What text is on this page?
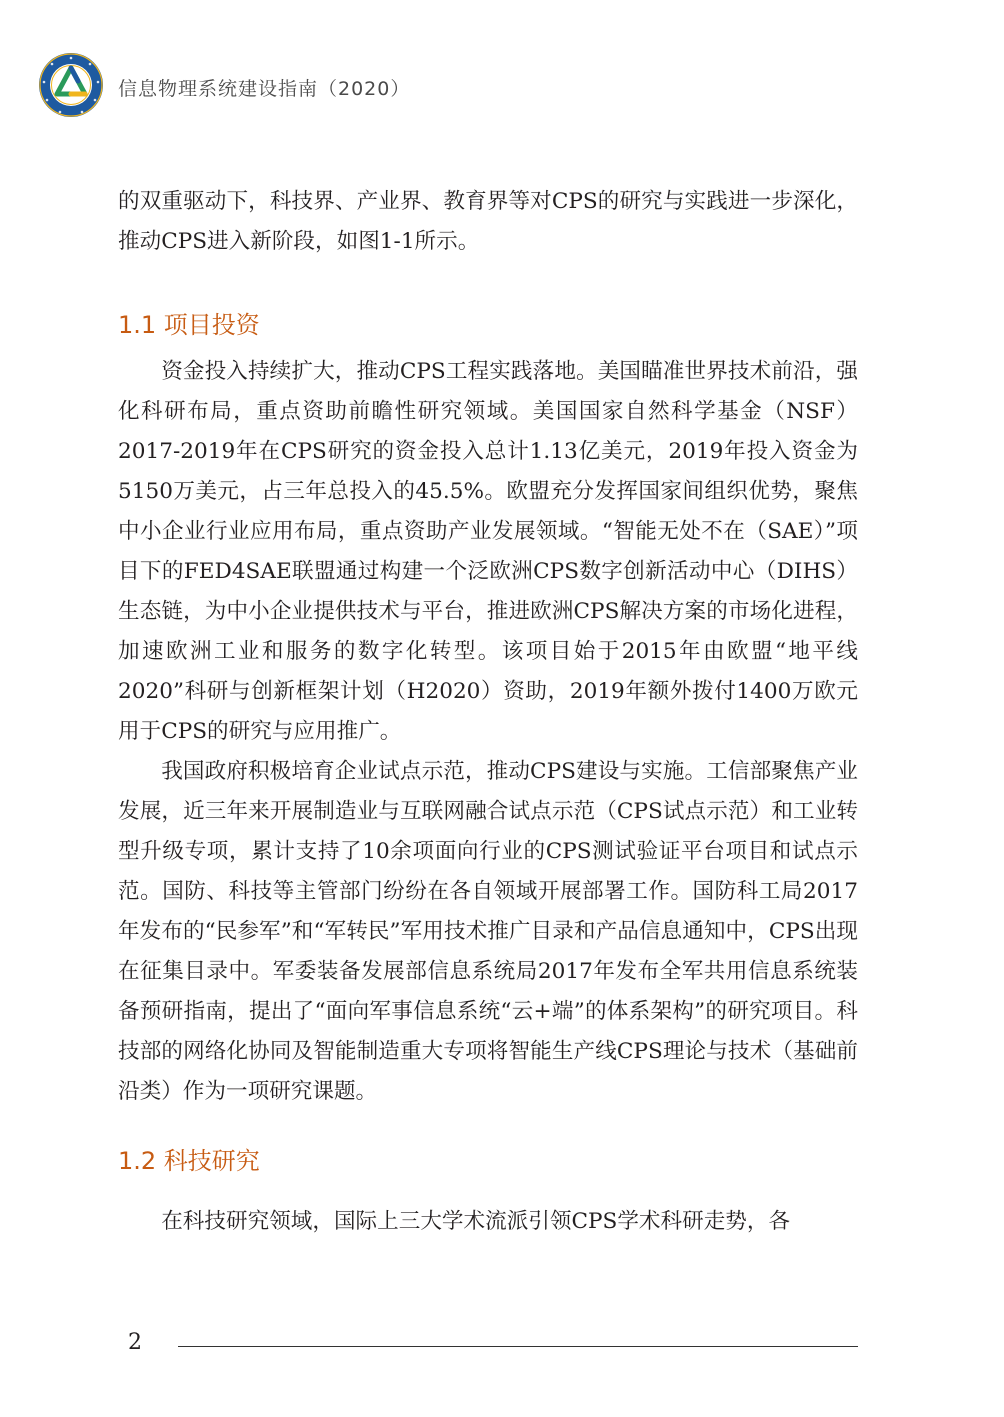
信息物理系统建设指南（2020）

的双重驱动下，科技界、产业界、教育界等对CPS的研究与实践进一步深化，推动CPS进入新阶段，如图1-1所示。

1.1 项目投资

资金投入持续扩大，推动CPS工程实践落地。美国瞄准世界技术前沿，强化科研布局，重点资助前瞻性研究领域。美国国家自然科学基金（NSF）2017-2019年在CPS研究的资金投入总计1.13亿美元，2019年投入资金为5150万美元，占三年总投入的45.5%。欧盟充分发挥国家间组织优势，聚焦中小企业行业应用布局，重点资助产业发展领域。“智能无处不在（SAE）”项目下的FED4SAE联盟通过构建一个泛欧洲CPS数字创新活动中心（DIHS）生态链，为中小企业提供技术与平台，推进欧洲CPS解决方案的市场化进程，加速欧洲工业和服务的数字化转型。该项目始于2015年由欧盟“地平线2020”科研与创新框架计划（H2020）资助，2019年额外拨付1400万欧元用于CPS的研究与应用推广。

我国政府积极培育企业试点示范，推动CPS建设与实施。工信部聚焦产业发展，近三年来开展制造业与互联网融合试点示范（CPS试点示范）和工业转型升级专项，累计支持了10余项面向行业的CPS测试验证平台项目和试点示范。国防、科技等主管部门纷纷在各自领域开展部署工作。国防科工局2017年发布的“民参军”和“军转民”军用技术推广目录和产品信息通知中，CPS出现在征集目录中。军委装备发展部信息系统局2017年发布全军共用信息系统装备预研指南，提出了“面向军事信息系统“云+端”的体系架构”的研究项目。科技部的网络化协同及智能制造重大专项将智能生产线CPS理论与技术（基础前沿类）作为一项研究课题。

1.2 科技研究

在科技研究领域，国际上三大学术流派引领CPS学术科研走势，各

2
